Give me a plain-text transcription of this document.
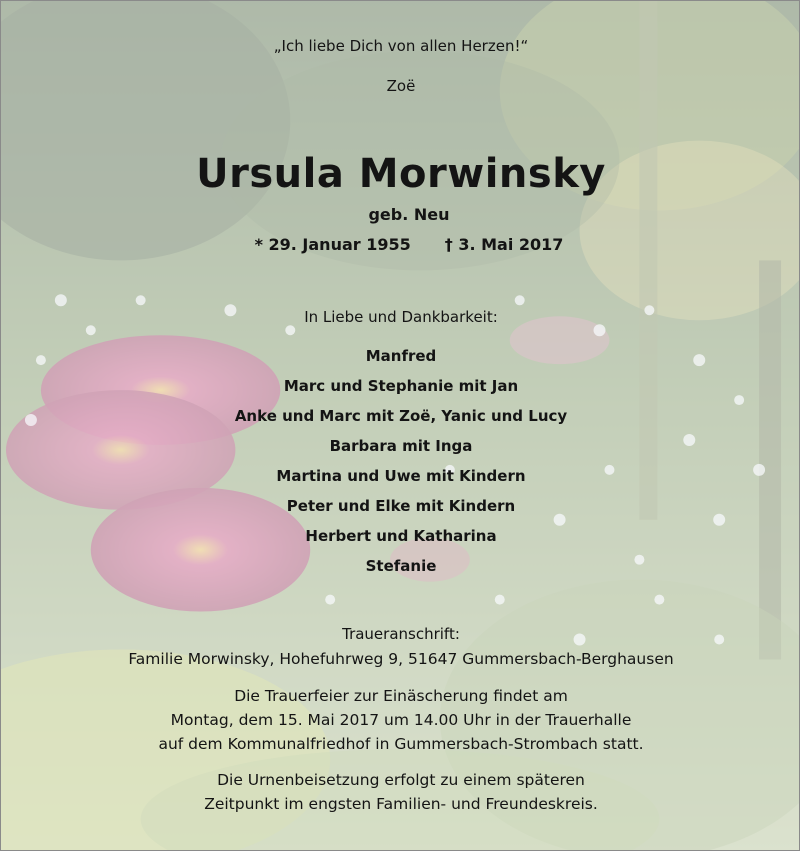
„Ich liebe Dich von allen Herzen!“
Zoë
Ursula Morwinsky
geb. Neu
* 29. Januar 1955 † 3. Mai 2017
In Liebe und Dankbarkeit:
Manfred
Marc und Stephanie mit Jan
Anke und Marc mit Zoë, Yanic und Lucy
Barbara mit Inga
Martina und Uwe mit Kindern
Peter und Elke mit Kindern
Herbert und Katharina
Stefanie
Traueranschrift:
Familie Morwinsky, Hohefuhrweg 9, 51647 Gummersbach-Berghausen
Die Trauerfeier zur Einäscherung findet am
Montag, dem 15. Mai 2017 um 14.00 Uhr in der Trauerhalle
auf dem Kommunalfriedhof in Gummersbach-Strombach statt.
Die Urnenbeisetzung erfolgt zu einem späteren
Zeitpunkt im engsten Familien- und Freundeskreis.
